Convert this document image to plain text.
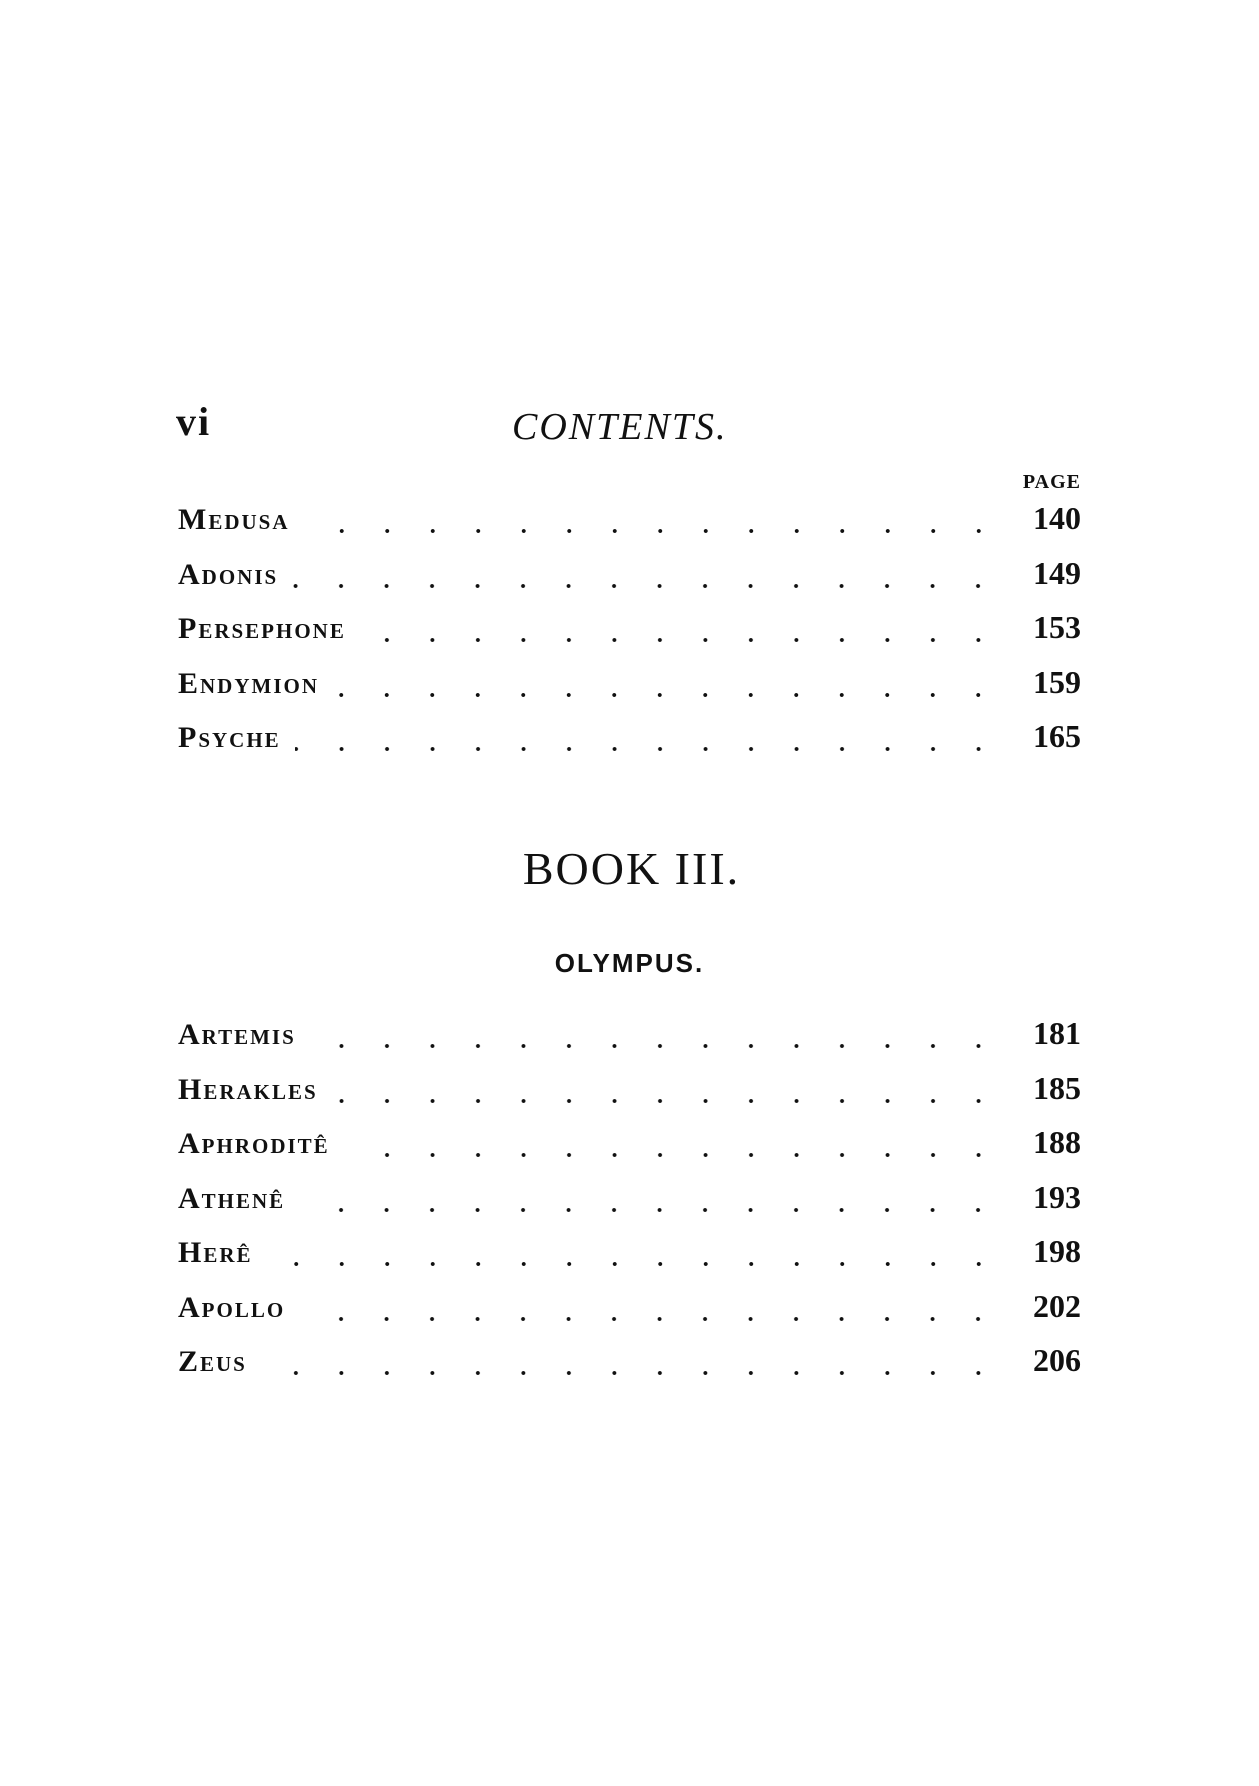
vi	CONTENTS.
PAGE
Medusa	140
Adonis	149
Persephone	153
Endymion	159
Psyche	165
BOOK III.
OLYMPUS.
Artemis	181
Herakles	185
Aphroditê	188
Athenê	193
Herê	198
Apollo	202
Zeus	206
